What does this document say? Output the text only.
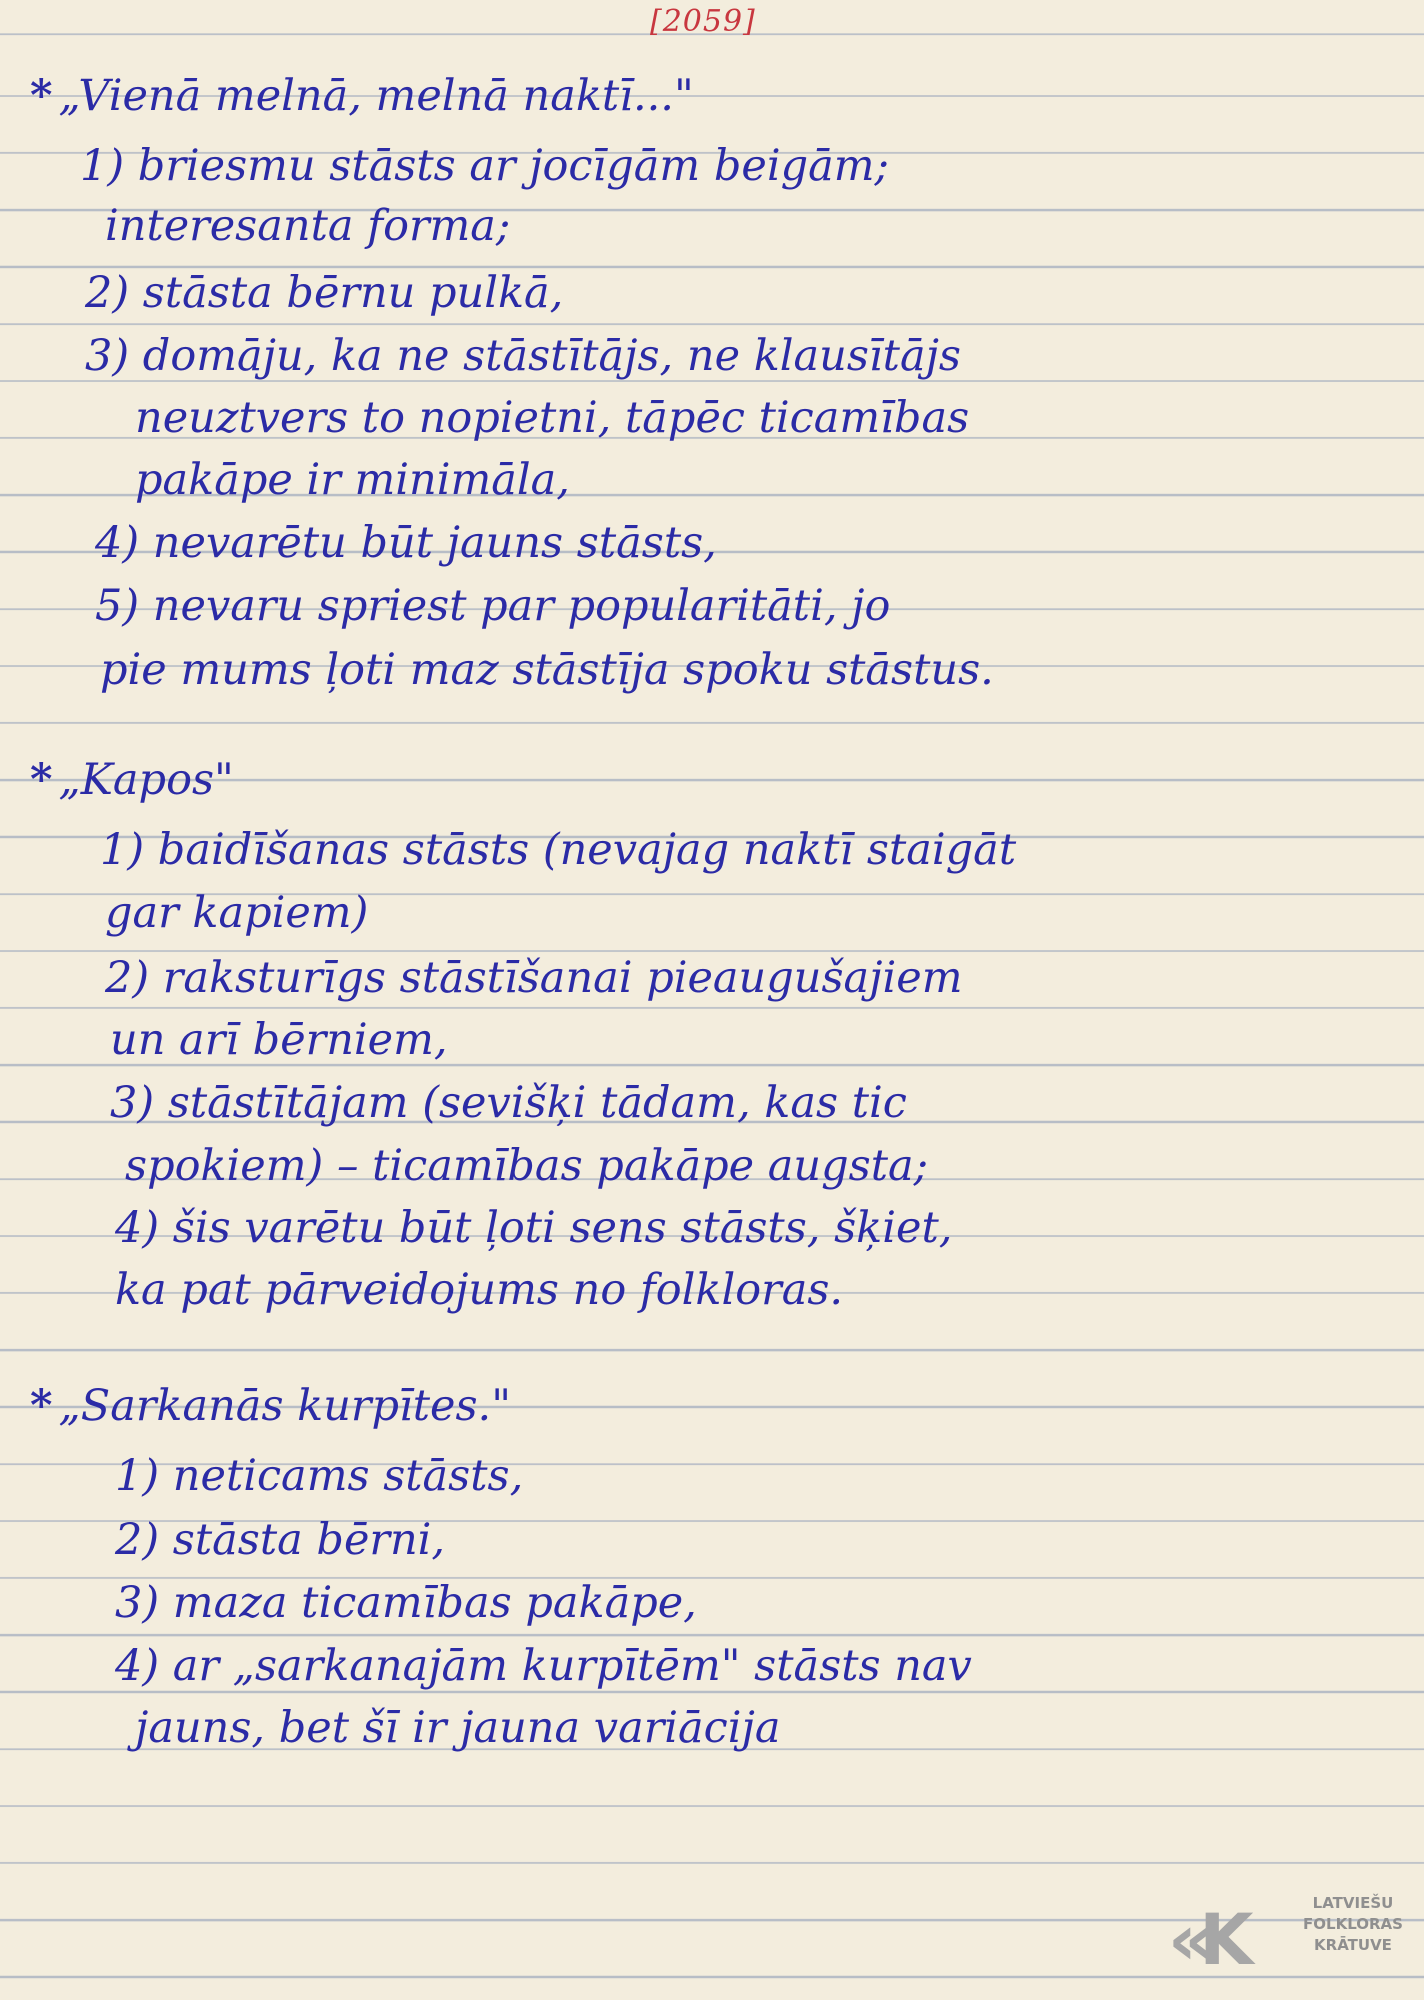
[2059]
* „Vienā melnā, melnā naktī..."
1) briesmu stāsts ar jocīgām beigām;
interesanta forma;
2) stāsta bērnu pulkā,
3) domāju, ka ne stāstītājs, ne klausītājs
neuztvers to nopietni, tāpēc ticamības
pakāpe ir minimāla,
4) nevarētu būt jauns stāsts,
5) nevaru spriest par popularitāti, jo
pie mums ļoti maz stāstīja spoku stāstus.
* „Kapos"
1) baidīšanas stāsts (nevajag naktī staigāt
gar kapiem)
2) raksturīgs stāstīšanai pieaugušajiem
un arī bērniem,
3) stāstītājam (sevišķi tādam, kas tic
spokiem) – ticamības pakāpe augsta;
4) šis varētu būt ļoti sens stāsts, šķiet,
ka pat pārveidojums no folkloras.
* „Sarkanās kurpītes."
1) neticams stāsts,
2) stāsta bērni,
3) maza ticamības pakāpe,
4) ar „sarkanajām kurpītēm" stāsts nav
jauns, bet šī ir jauna variācija
«K	LATVIEŠU
FOLKLORAS
KRĀTUVE
